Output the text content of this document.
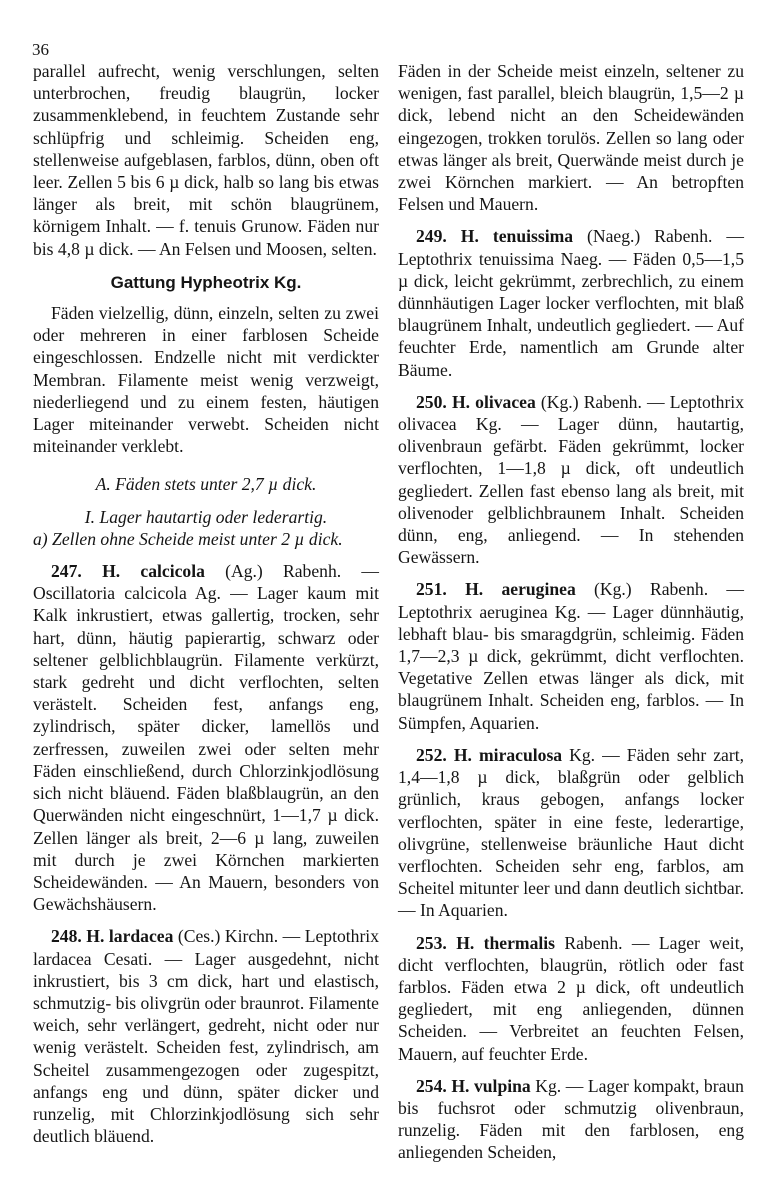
36

parallel aufrecht, wenig verschlungen, selten unterbrochen, freudig blaugrün, locker zusammenklebend, in feuchtem Zustande sehr schlüpfrig und schleimig. Scheiden eng, stellenweise aufgeblasen, farblos, dünn, oben oft leer. Zellen 5 bis 6 µ dick, halb so lang bis etwas länger als breit, mit schön blaugrünem, körnigem Inhalt. — f. tenuis Grunow. Fäden nur bis 4,8 µ dick. — An Felsen und Moosen, selten.

Gattung Hypheotrix Kg.

Fäden vielzellig, dünn, einzeln, selten zu zwei oder mehreren in einer farblosen Scheide eingeschlossen. Endzelle nicht mit verdickter Membran. Filamente meist wenig verzweigt, niederliegend und zu einem festen, häutigen Lager miteinander verwebt. Scheiden nicht miteinander verklebt.

A. Fäden stets unter 2,7 µ dick.

I. Lager hautartig oder lederartig.

a) Zellen ohne Scheide meist unter 2 µ dick.

247. H. calcicola (Ag.) Rabenh. — Oscillatoria calcicola Ag. — Lager kaum mit Kalk inkrustiert, etwas gallertig, trocken, sehr hart, dünn, häutig papierartig, schwarz oder seltener gelblichblaugrün. Filamente verkürzt, stark gedreht und dicht verflochten, selten verästelt. Scheiden fest, anfangs eng, zylindrisch, später dicker, lamellös und zerfressen, zuweilen zwei oder selten mehr Fäden einschließend, durch Chlorzinkjodlösung sich nicht bläuend. Fäden blaßblaugrün, an den Querwänden nicht eingeschnürt, 1—1,7 µ dick. Zellen länger als breit, 2—6 µ lang, zuweilen mit durch je zwei Körnchen markierten Scheidewänden. — An Mauern, besonders von Gewächshäusern.

248. H. lardacea (Ces.) Kirchn. — Leptothrix lardacea Cesati. — Lager ausgedehnt, nicht inkrustiert, bis 3 cm dick, hart und elastisch, schmutzig- bis olivgrün oder braunrot. Filamente weich, sehr verlängert, gedreht, nicht oder nur wenig verästelt. Scheiden fest, zylindrisch, am Scheitel zusammengezogen oder zugespitzt, anfangs eng und dünn, später dicker und runzelig, mit Chlorzinkjodlösung sich sehr deutlich bläuend.

Fäden in der Scheide meist einzeln, seltener zu wenigen, fast parallel, bleich blaugrün, 1,5—2 µ dick, lebend nicht an den Scheidewänden eingezogen, trokken torulös. Zellen so lang oder etwas länger als breit, Querwände meist durch je zwei Körnchen markiert. — An betropften Felsen und Mauern.

249. H. tenuissima (Naeg.) Rabenh. — Leptothrix tenuissima Naeg. — Fäden 0,5—1,5 µ dick, leicht gekrümmt, zerbrechlich, zu einem dünnhäutigen Lager locker verflochten, mit blaß blaugrünem Inhalt, undeutlich gegliedert. — Auf feuchter Erde, namentlich am Grunde alter Bäume.

250. H. olivacea (Kg.) Rabenh. — Leptothrix olivacea Kg. — Lager dünn, hautartig, olivenbraun gefärbt. Fäden gekrümmt, locker verflochten, 1—1,8 µ dick, oft undeutlich gegliedert. Zellen fast ebenso lang als breit, mit olivenoder gelblichbraunem Inhalt. Scheiden dünn, eng, anliegend. — In stehenden Gewässern.

251. H. aeruginea (Kg.) Rabenh. — Leptothrix aeruginea Kg. — Lager dünnhäutig, lebhaft blau- bis smaragdgrün, schleimig. Fäden 1,7—2,3 µ dick, gekrümmt, dicht verflochten. Vegetative Zellen etwas länger als dick, mit blaugrünem Inhalt. Scheiden eng, farblos. — In Sümpfen, Aquarien.

252. H. miraculosa Kg. — Fäden sehr zart, 1,4—1,8 µ dick, blaßgrün oder gelblich grünlich, kraus gebogen, anfangs locker verflochten, später in eine feste, lederartige, olivgrüne, stellenweise bräunliche Haut dicht verflochten. Scheiden sehr eng, farblos, am Scheitel mitunter leer und dann deutlich sichtbar. — In Aquarien.

253. H. thermalis Rabenh. — Lager weit, dicht verflochten, blaugrün, rötlich oder fast farblos. Fäden etwa 2 µ dick, oft undeutlich gegliedert, mit eng anliegenden, dünnen Scheiden. — Verbreitet an feuchten Felsen, Mauern, auf feuchter Erde.

254. H. vulpina Kg. — Lager kompakt, braun bis fuchsrot oder schmutzig olivenbraun, runzelig. Fäden mit den farblosen, eng anliegenden Scheiden,
